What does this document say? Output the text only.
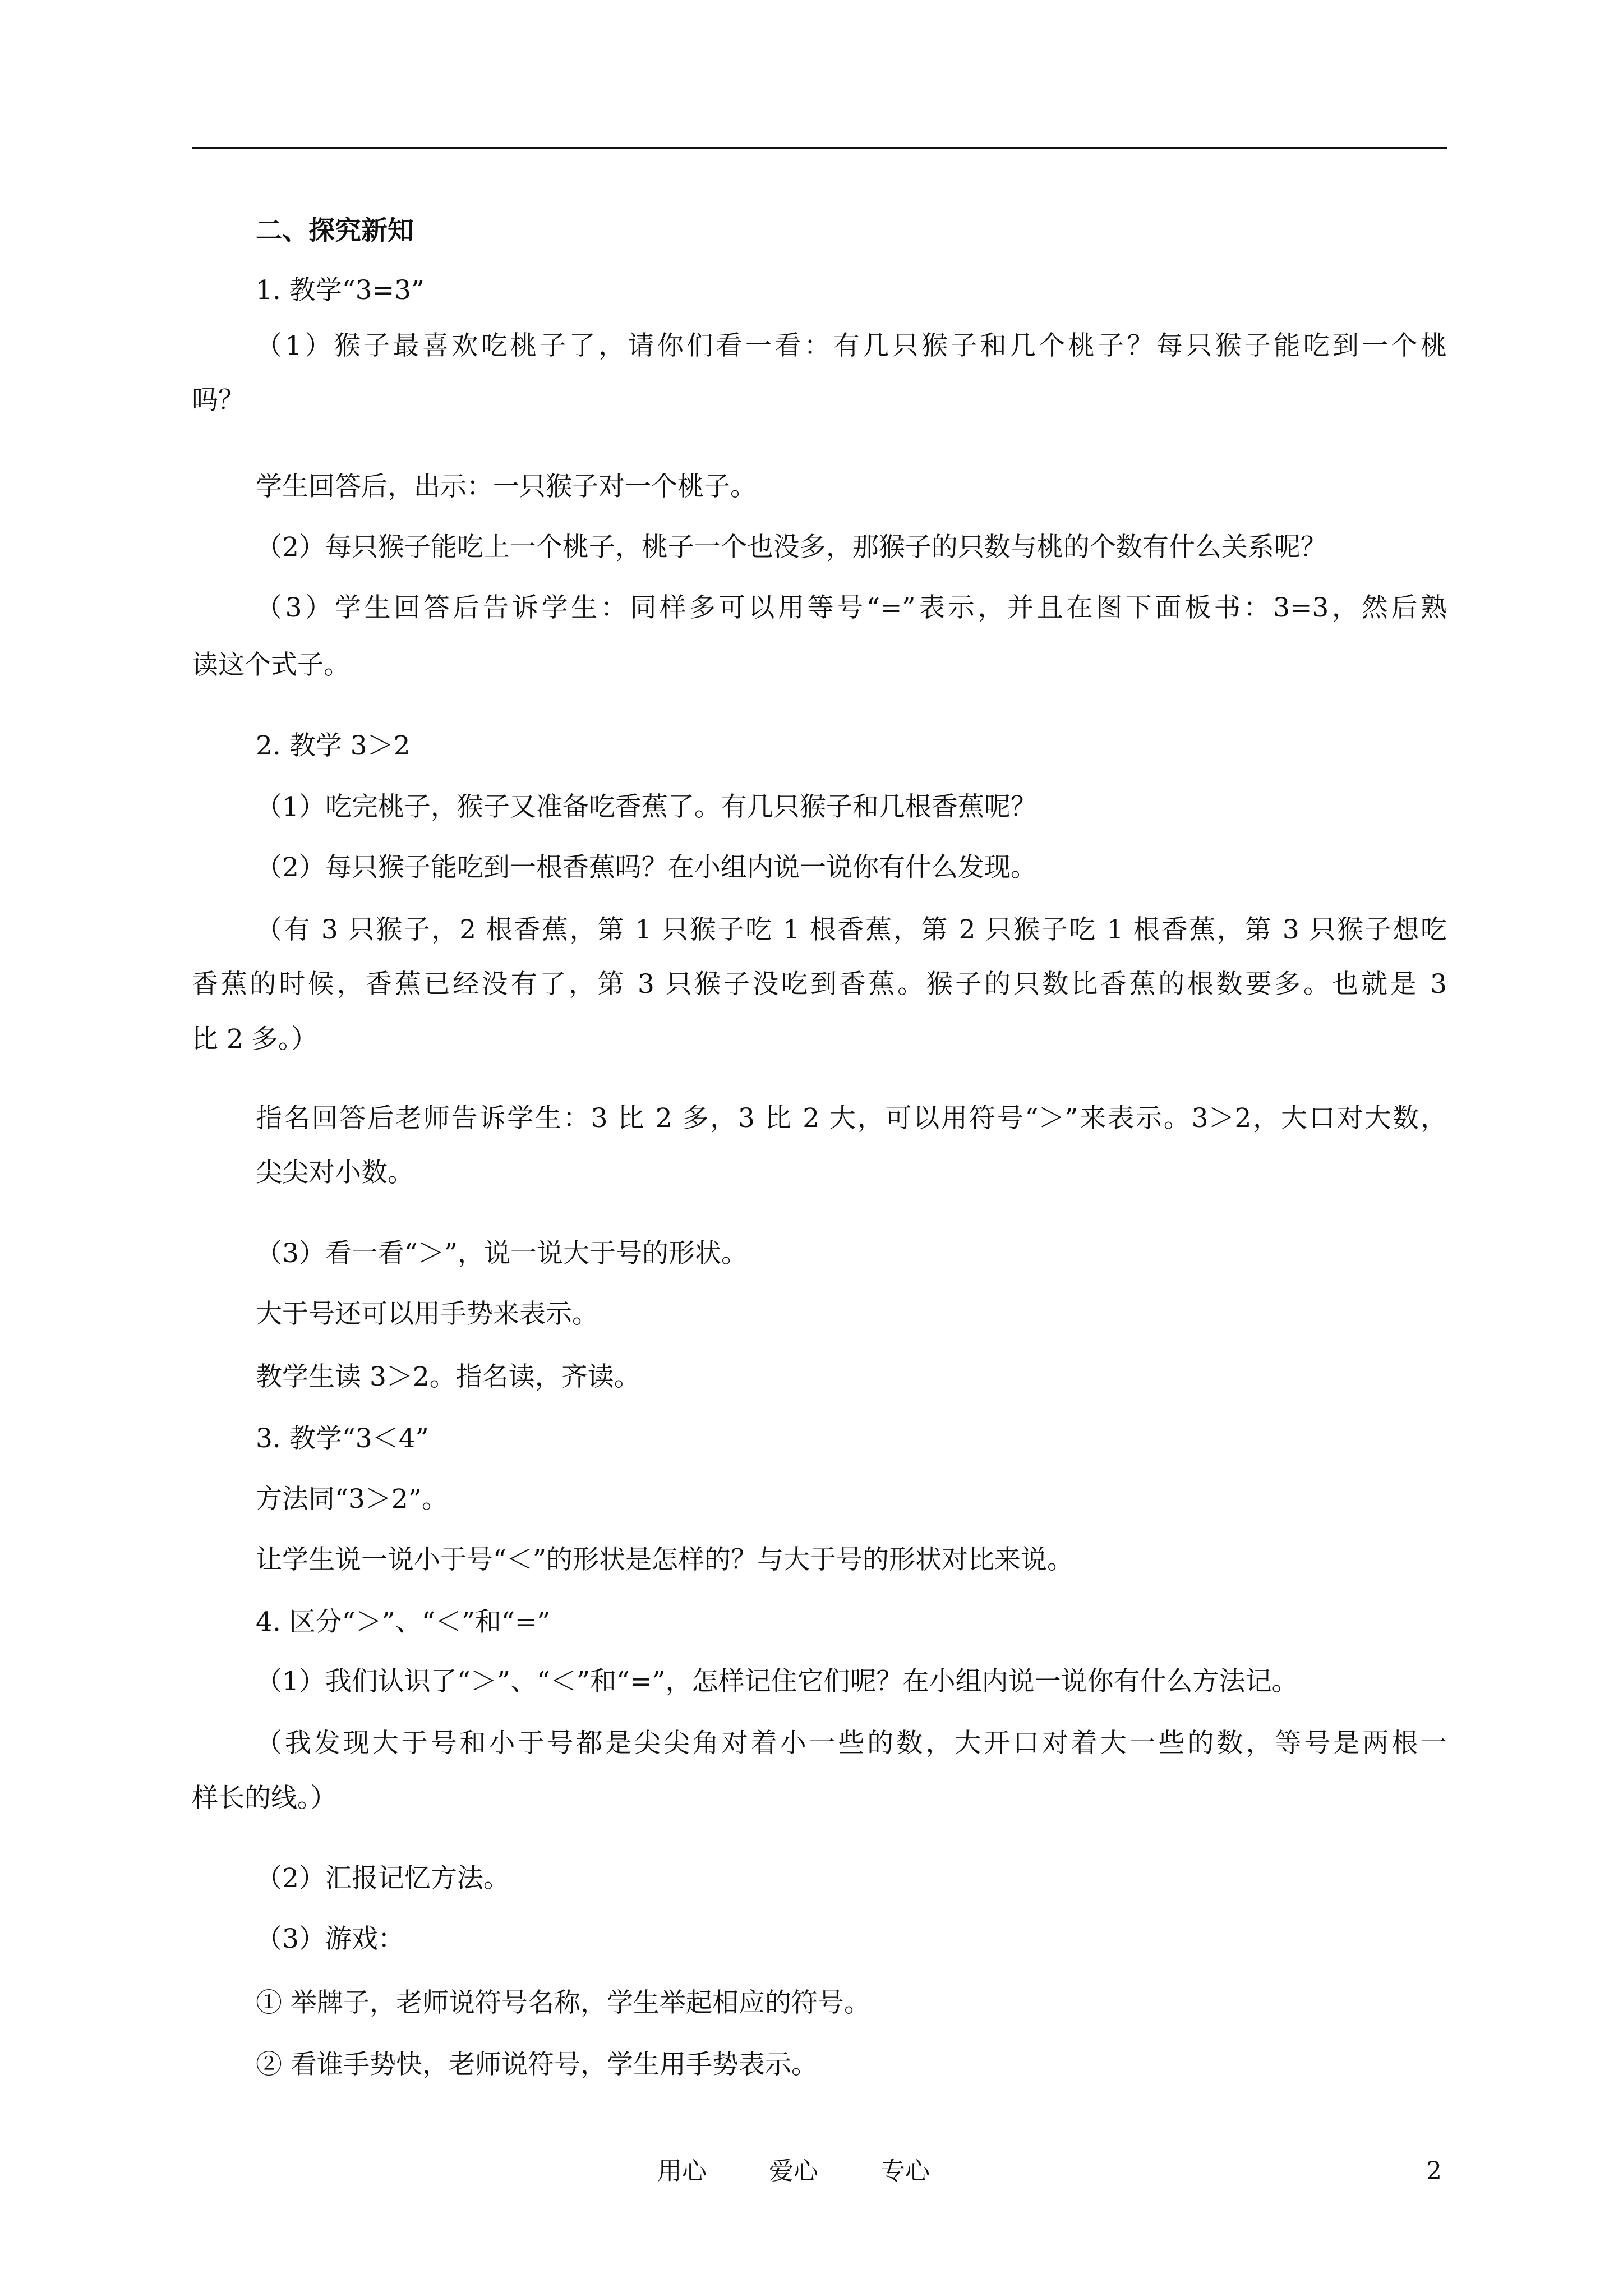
二、探究新知
1. 教学“3=3”
（1）猴子最喜欢吃桃子了，请你们看一看：有几只猴子和几个桃子？每只猴子能吃到一个桃
吗？
学生回答后，出示：一只猴子对一个桃子。
（2）每只猴子能吃上一个桃子，桃子一个也没多，那猴子的只数与桃的个数有什么关系呢？
（3）学生回答后告诉学生：同样多可以用等号“=”表示，并且在图下面板书：3=3，然后熟
读这个式子。
2. 教学 3＞2
（1）吃完桃子，猴子又准备吃香蕉了。有几只猴子和几根香蕉呢？
（2）每只猴子能吃到一根香蕉吗？在小组内说一说你有什么发现。
（有 3 只猴子，2 根香蕉，第 1 只猴子吃 1 根香蕉，第 2 只猴子吃 1 根香蕉，第 3 只猴子想吃
香蕉的时候，香蕉已经没有了，第 3 只猴子没吃到香蕉。猴子的只数比香蕉的根数要多。也就是 3
比 2 多。）
指名回答后老师告诉学生：3 比 2 多，3 比 2 大，可以用符号“＞”来表示。3＞2，大口对大数，
尖尖对小数。
（3）看一看“＞”，说一说大于号的形状。
大于号还可以用手势来表示。
教学生读 3＞2。指名读，齐读。
3. 教学“3＜4”
方法同“3＞2”。
让学生说一说小于号“＜”的形状是怎样的？与大于号的形状对比来说。
4. 区分“＞”、“＜”和“=”
（1）我们认识了“＞”、“＜”和“=”，怎样记住它们呢？在小组内说一说你有什么方法记。
（我发现大于号和小于号都是尖尖角对着小一些的数，大开口对着大一些的数，等号是两根一
样长的线。）
（2）汇报记忆方法。
（3）游戏：
① 举牌子，老师说符号名称，学生举起相应的符号。
② 看谁手势快，老师说符号，学生用手势表示。
用心	爱心	专心	2
